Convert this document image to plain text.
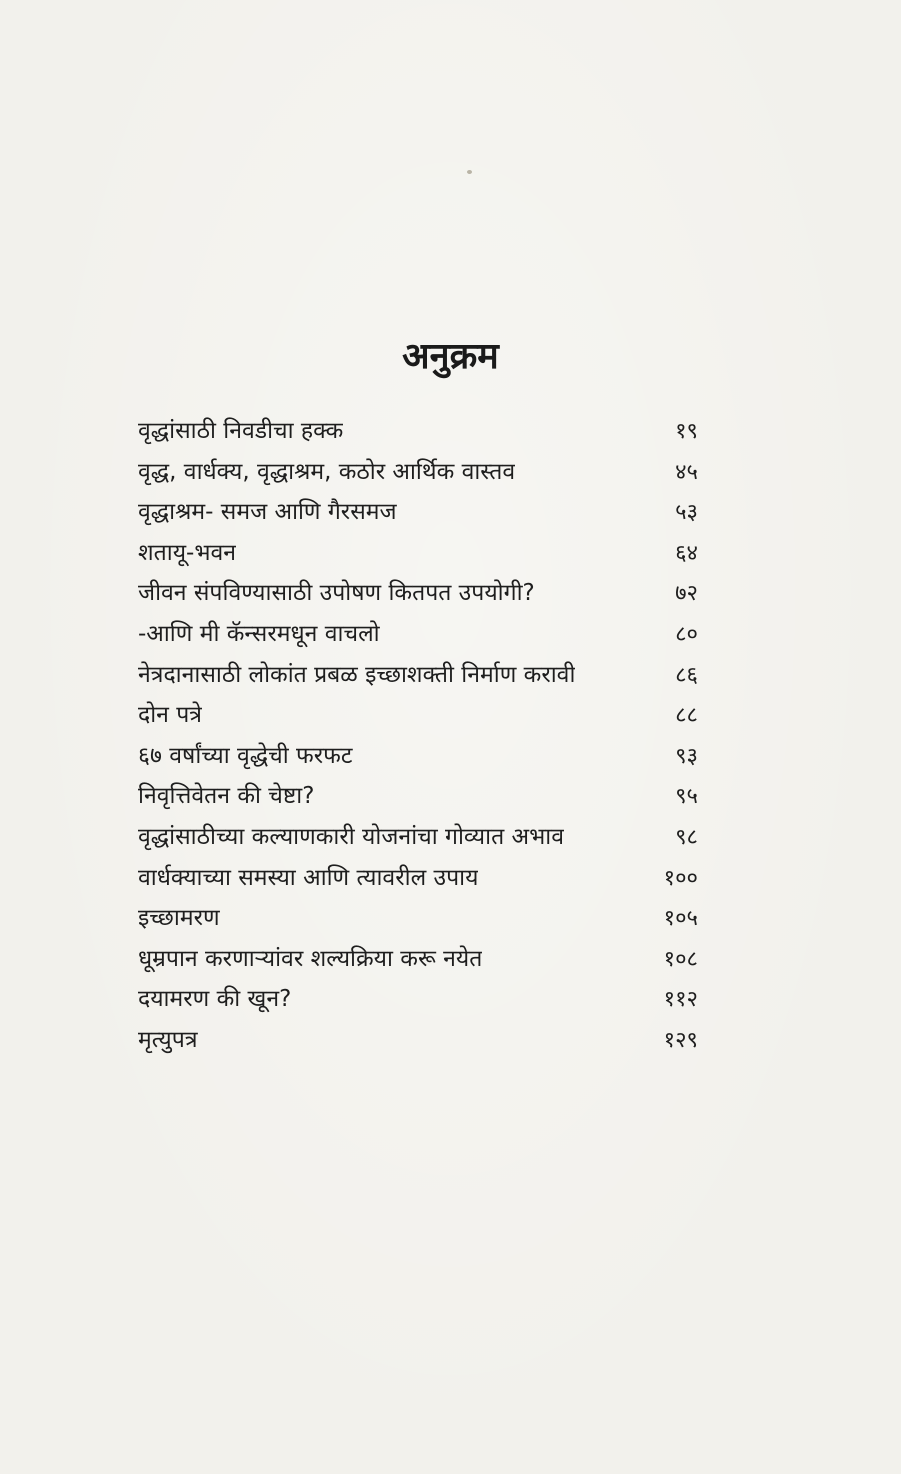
अनुक्रम
वृद्धांसाठी निवडीचा हक्क	१९
वृद्ध, वार्धक्य, वृद्धाश्रम, कठोर आर्थिक वास्तव	४५
वृद्धाश्रम- समज आणि गैरसमज	५३
शतायू-भवन	६४
जीवन संपविण्यासाठी उपोषण कितपत उपयोगी?	७२
-आणि मी कॅन्सरमधून वाचलो	८०
नेत्रदानासाठी लोकांत प्रबळ इच्छाशक्ती निर्माण करावी	८६
दोन पत्रे	८८
६७ वर्षांच्या वृद्धेची फरफट	९३
निवृत्तिवेतन की चेष्टा?	९५
वृद्धांसाठीच्या कल्याणकारी योजनांचा गोव्यात अभाव	९८
वार्धक्याच्या समस्या आणि त्यावरील उपाय	१००
इच्छामरण	१०५
धूम्रपान करणाऱ्यांवर शल्यक्रिया करू नयेत	१०८
दयामरण की खून?	११२
मृत्युपत्र	१२९
